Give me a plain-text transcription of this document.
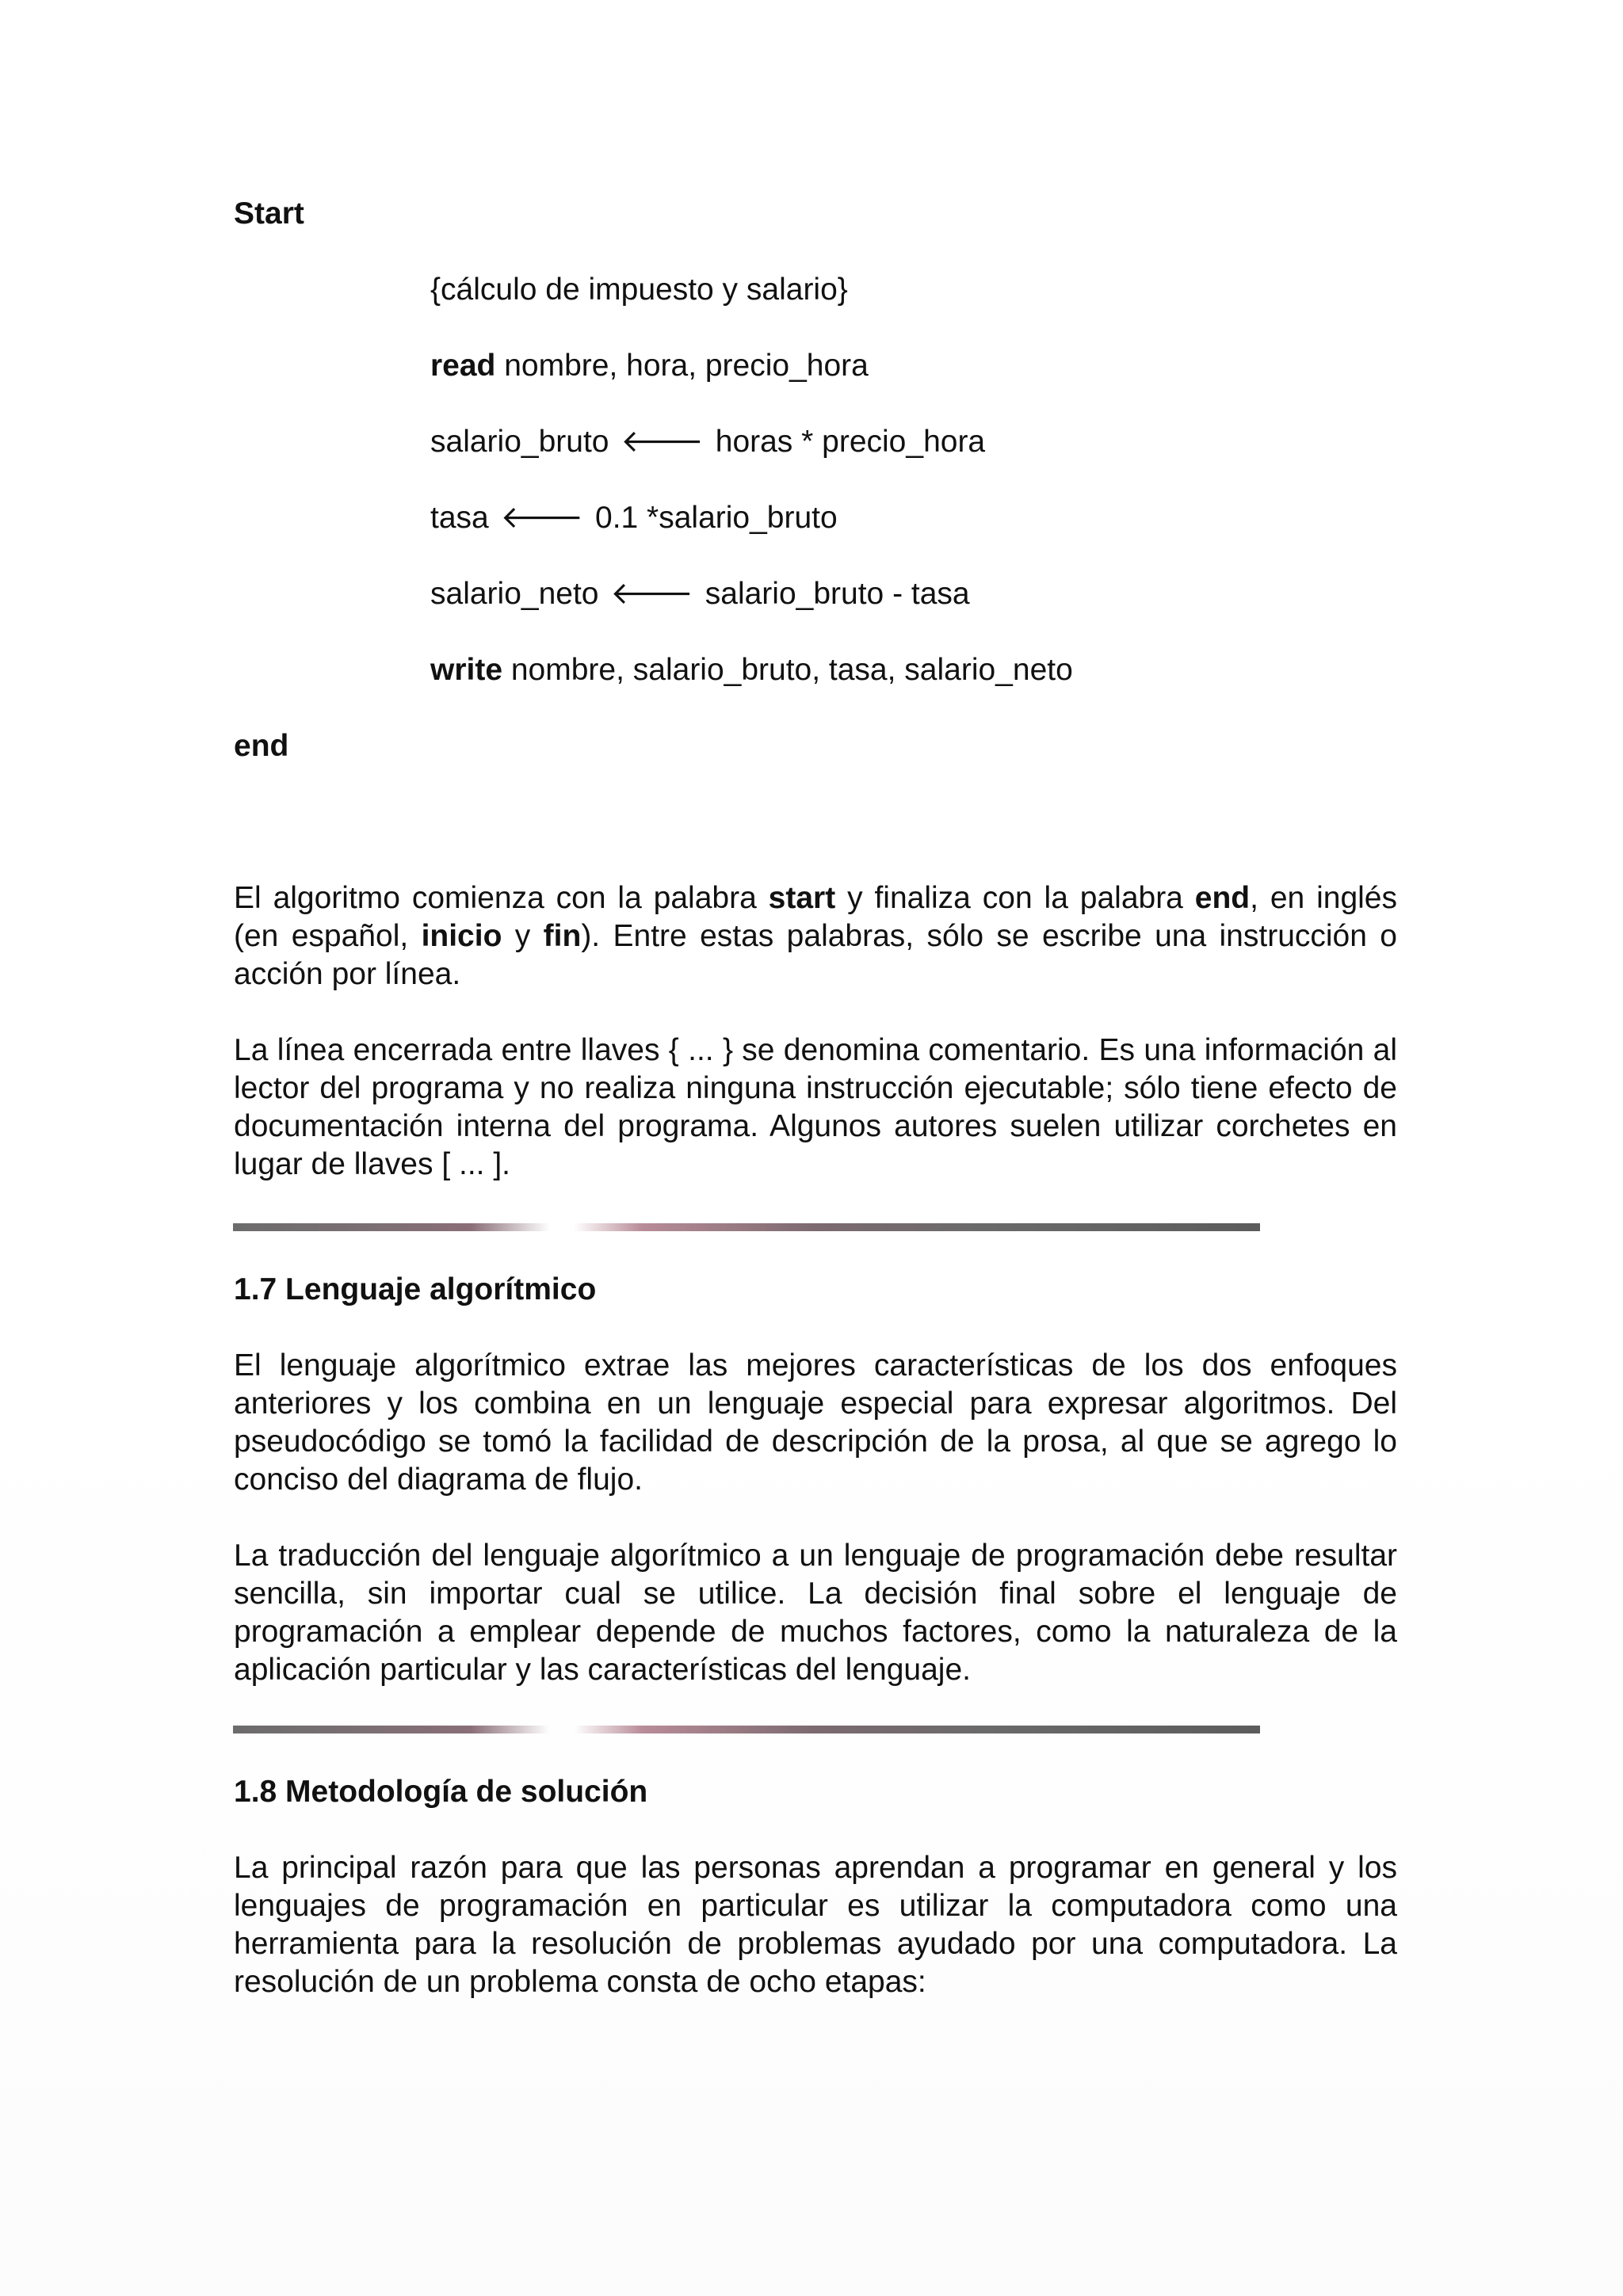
Start

{cálculo de impuesto y salario}

read nombre, hora, precio_hora

salario_bruto 🡐 horas * precio_hora

tasa 🡐 0.1 *salario_bruto

salario_neto 🡐 salario_bruto - tasa

write nombre, salario_bruto, tasa, salario_neto

end

El algoritmo comienza con la palabra start y finaliza con la palabra end, en inglés (en español, inicio y fin). Entre estas palabras, sólo se escribe una instrucción o acción por línea.

La línea encerrada entre llaves { ... } se denomina comentario. Es una información al lector del programa y no realiza ninguna instrucción ejecutable; sólo tiene efecto de documentación interna del programa. Algunos autores suelen utilizar corchetes en lugar de llaves [ ... ].

1.7 Lenguaje algorítmico

El lenguaje algorítmico extrae las mejores características de los dos enfoques anteriores y los combina en un lenguaje especial para expresar algoritmos. Del pseudocódigo se tomó la facilidad de descripción de la prosa, al que se agrego lo conciso del diagrama de flujo.

La traducción del lenguaje algorítmico a un lenguaje de programación debe resultar sencilla, sin importar cual se utilice. La decisión final sobre el lenguaje de programación a emplear depende de muchos factores, como la naturaleza de la aplicación particular y las características del lenguaje.

1.8 Metodología de solución

La principal razón para que las personas aprendan a programar en general y los lenguajes de programación en particular es utilizar la computadora como una herramienta para la resolución de problemas ayudado por una computadora. La resolución de un problema consta de ocho etapas:
